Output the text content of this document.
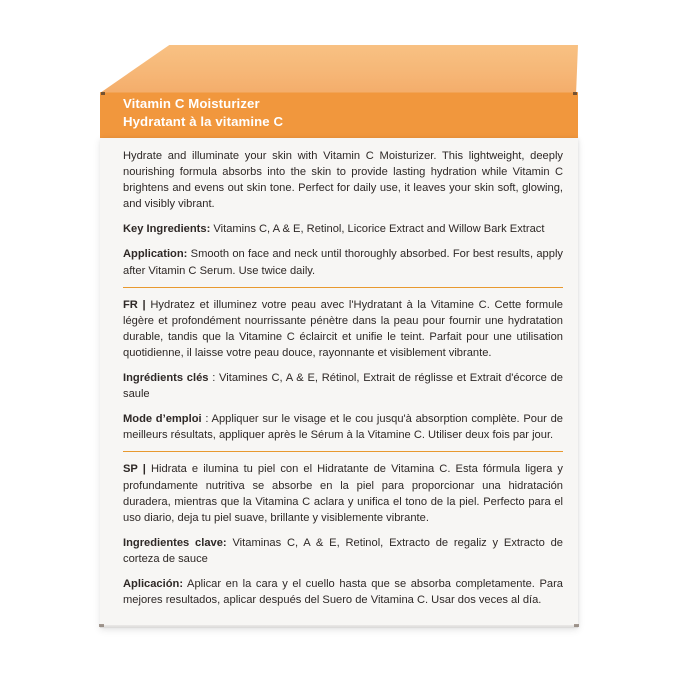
Vitamin C Moisturizer
Hydratant à la vitamine C

Hydrate and illuminate your skin with Vitamin C Moisturizer. This lightweight, deeply nourishing formula absorbs into the skin to provide lasting hydration while Vitamin C brightens and evens out skin tone. Perfect for daily use, it leaves your skin soft, glowing, and visibly vibrant.

Key Ingredients: Vitamins C, A & E, Retinol, Licorice Extract and Willow Bark Extract

Application: Smooth on face and neck until thoroughly absorbed. For best results, apply after Vitamin C Serum. Use twice daily.

FR | Hydratez et illuminez votre peau avec l'Hydratant à la Vitamine C. Cette formule légère et profondément nourrissante pénètre dans la peau pour fournir une hydratation durable, tandis que la Vitamine C éclaircit et unifie le teint. Parfait pour une utilisation quotidienne, il laisse votre peau douce, rayonnante et visiblement vibrante.

Ingrédients clés : Vitamines C, A & E, Rétinol, Extrait de réglisse et Extrait d'écorce de saule

Mode d’emploi : Appliquer sur le visage et le cou jusqu'à absorption complète. Pour de meilleurs résultats, appliquer après le Sérum à la Vitamine C. Utiliser deux fois par jour.

SP | Hidrata e ilumina tu piel con el Hidratante de Vitamina C. Esta fórmula ligera y profundamente nutritiva se absorbe en la piel para proporcionar una hidratación duradera, mientras que la Vitamina C aclara y unifica el tono de la piel. Perfecto para el uso diario, deja tu piel suave, brillante y visiblemente vibrante.

Ingredientes clave: Vitaminas C, A & E, Retinol, Extracto de regaliz y Extracto de corteza de sauce

Aplicación: Aplicar en la cara y el cuello hasta que se absorba completamente. Para mejores resultados, aplicar después del Suero de Vitamina C. Usar dos veces al día.
